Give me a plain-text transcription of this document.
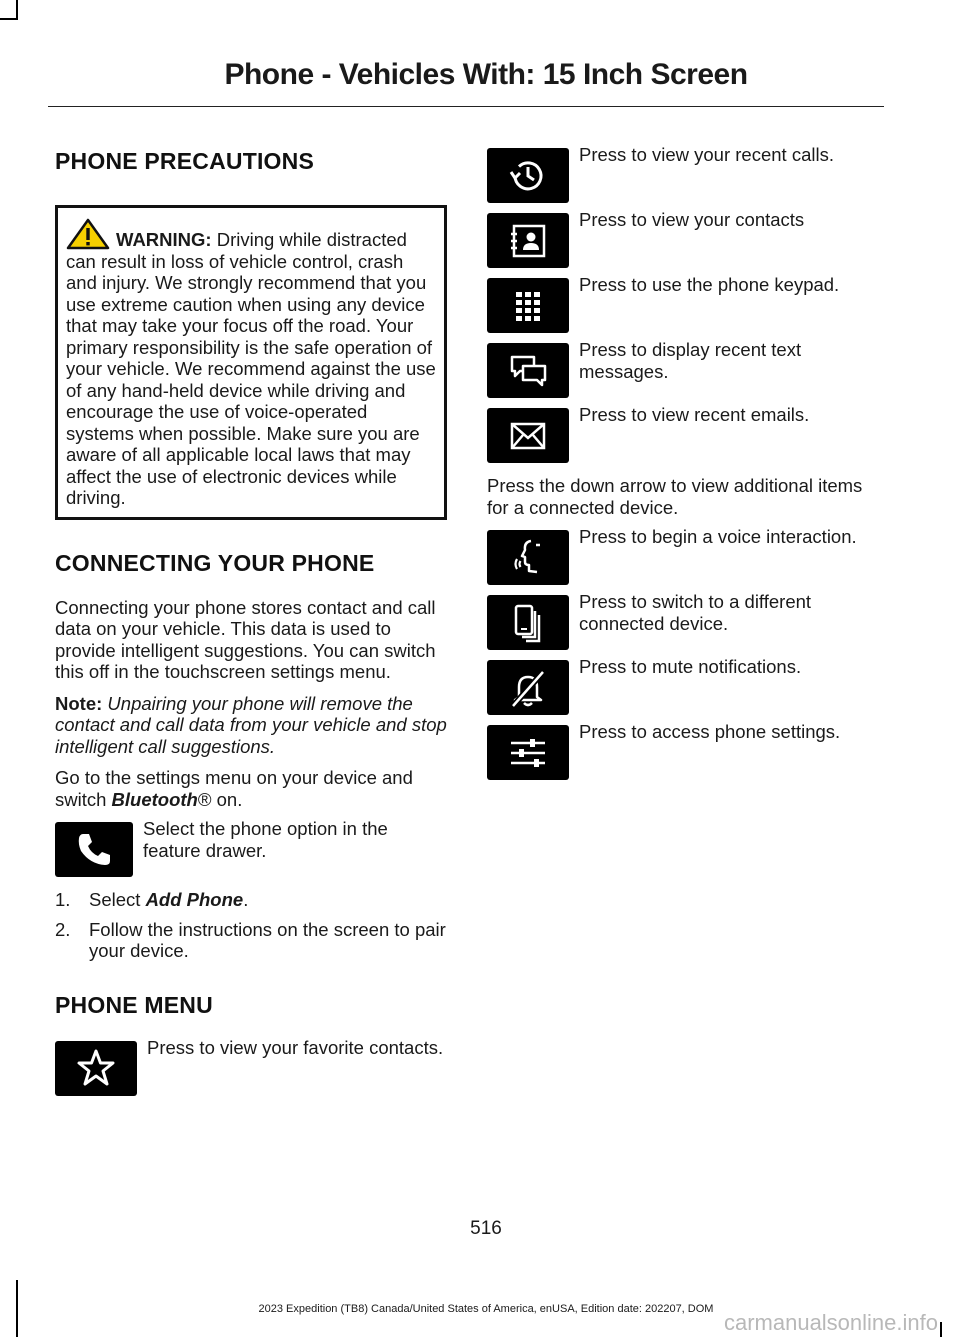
Phone - Vehicles With: 15 Inch Screen
PHONE PRECAUTIONS
WARNING: Driving while distracted can result in loss of vehicle control, crash and injury. We strongly recommend that you use extreme caution when using any device that may take your focus off the road. Your primary responsibility is the safe operation of your vehicle. We recommend against the use of any hand-held device while driving and encourage the use of voice-operated systems when possible. Make sure you are aware of all applicable local laws that may affect the use of electronic devices while driving.
CONNECTING YOUR PHONE

Connecting your phone stores contact and call data on your vehicle. This data is used to provide intelligent suggestions. You can switch this off in the touchscreen settings menu.

Note: Unpairing your phone will remove the contact and call data from your vehicle and stop intelligent call suggestions.

Go to the settings menu on your device and switch Bluetooth® on.

Select the phone option in the feature drawer.
1.	Select Add Phone.
2.	Follow the instructions on the screen to pair your device.
PHONE MENU
Press to view your favorite contacts.
Press to view your recent calls.
Press to view your contacts
Press to use the phone keypad.
Press to display recent text messages.
Press to view recent emails.

Press the down arrow to view additional items for a connected device.

Press to begin a voice interaction.
Press to switch to a different connected device.
Press to mute notifications.
Press to access phone settings.
516
2023 Expedition (TB8) Canada/United States of America, enUSA, Edition date: 202207, DOM
carmanualsonline.info
